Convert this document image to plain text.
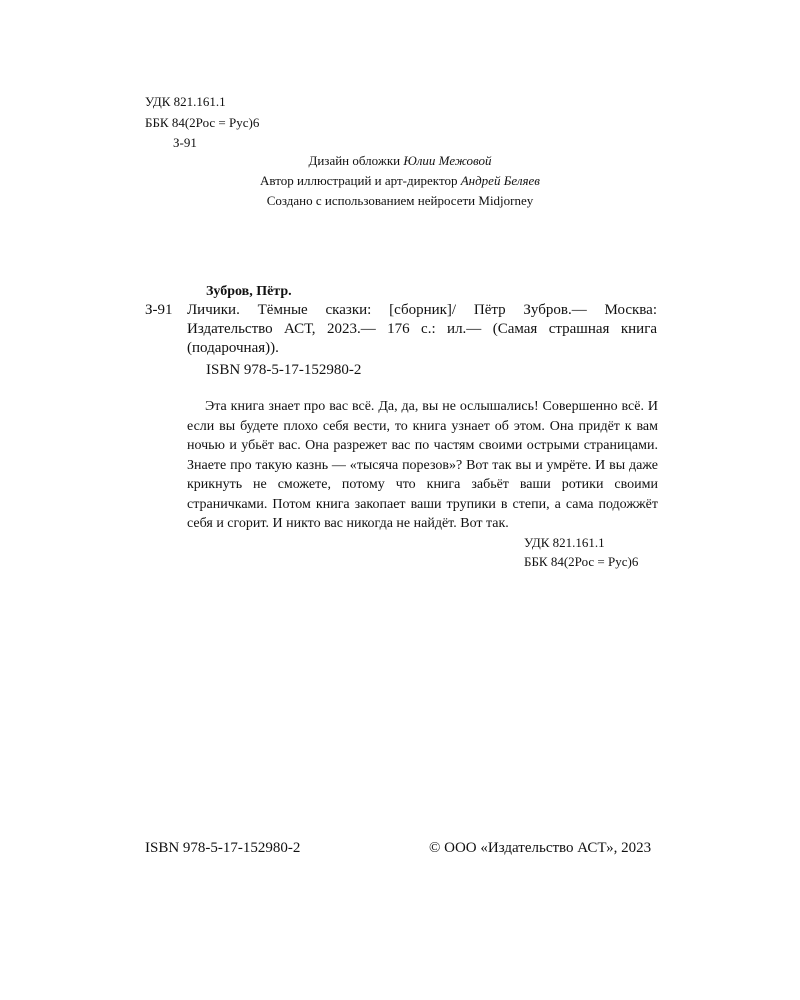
УДК 821.161.1
ББК 84(2Рос = Рус)6
З-91
Дизайн обложки Юлии Межовой
Автор иллюстраций и арт-директор Андрей Беляев
Создано с использованием нейросети Midjorney
Зубров, Пётр.
З-91 Личики. Тёмные сказки: [сборник]/ Пётр Зубров.— Москва: Издательство АСТ, 2023.— 176 с.: ил.— (Самая страшная книга (подарочная)).
ISBN 978-5-17-152980-2
Эта книга знает про вас всё. Да, да, вы не ослышались! Совершенно всё. И если вы будете плохо себя вести, то книга узнает об этом. Она придёт к вам ночью и убьёт вас. Она разрежет вас по частям своими острыми страницами. Знаете про такую казнь — «тысяча порезов»? Вот так вы и умрёте. И вы даже крикнуть не сможете, потому что книга забьёт ваши ротики своими страничками. Потом книга закопает ваши трупики в степи, а сама подожжёт себя и сгорит. И никто вас никогда не найдёт. Вот так.
УДК 821.161.1
ББК 84(2Рос = Рус)6
ISBN 978-5-17-152980-2	© ООО «Издательство АСТ», 2023
